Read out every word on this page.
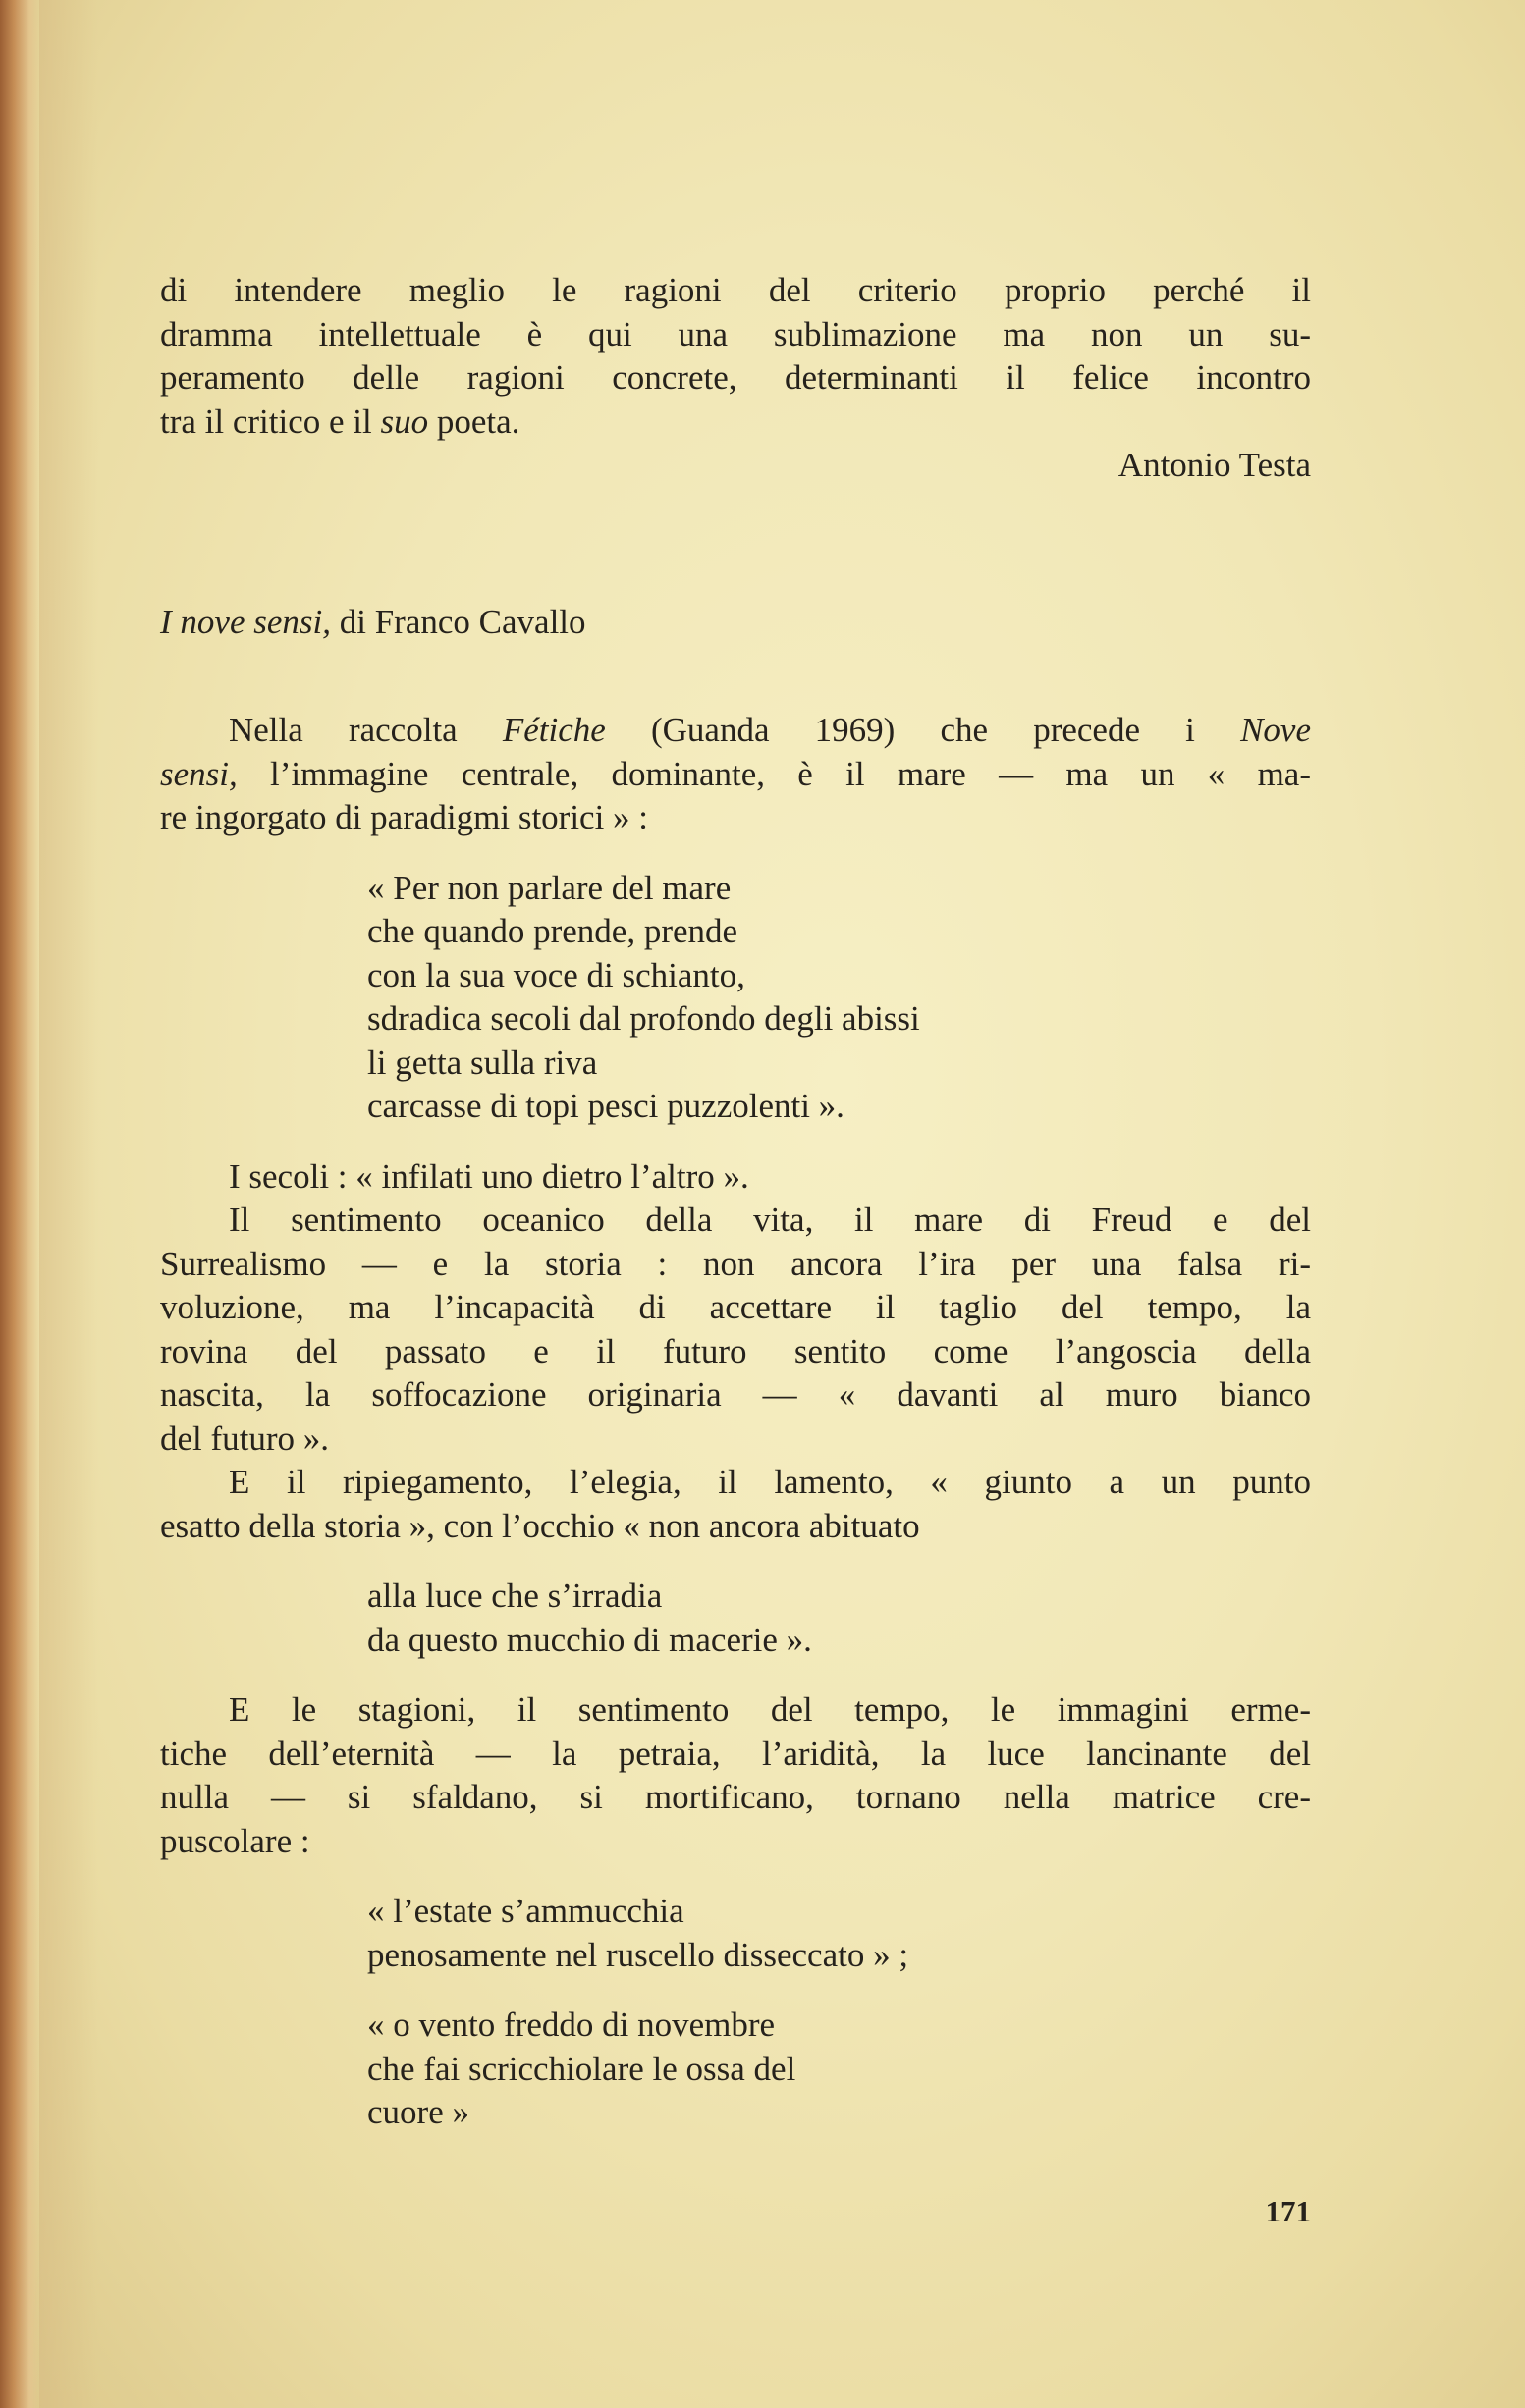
di intendere meglio le ragioni del criterio proprio perché il
dramma intellettuale è qui una sublimazione ma non un su-
peramento delle ragioni concrete, determinanti il felice incontro
tra il critico e il suo poeta.
Antonio Testa
I nove sensi, di Franco Cavallo
Nella raccolta Fétiche (Guanda 1969) che precede i Nove
sensi, l’immagine centrale, dominante, è il mare — ma un « ma-
re ingorgato di paradigmi storici » :
« Per non parlare del mare
che quando prende, prende
con la sua voce di schianto,
sdradica secoli dal profondo degli abissi
li getta sulla riva
carcasse di topi pesci puzzolenti ».
I secoli : « infilati uno dietro l’altro ».
Il sentimento oceanico della vita, il mare di Freud e del
Surrealismo — e la storia : non ancora l’ira per una falsa ri-
voluzione, ma l’incapacità di accettare il taglio del tempo, la
rovina del passato e il futuro sentito come l’angoscia della
nascita, la soffocazione originaria — « davanti al muro bianco
del futuro ».
E il ripiegamento, l’elegia, il lamento, « giunto a un punto
esatto della storia », con l’occhio « non ancora abituato
alla luce che s’irradia
da questo mucchio di macerie ».
E le stagioni, il sentimento del tempo, le immagini erme-
tiche dell’eternità — la petraia, l’aridità, la luce lancinante del
nulla — si sfaldano, si mortificano, tornano nella matrice cre-
puscolare :
« l’estate s’ammucchia
penosamente nel ruscello disseccato » ;
« o vento freddo di novembre
che fai scricchiolare le ossa del
cuore »
171
